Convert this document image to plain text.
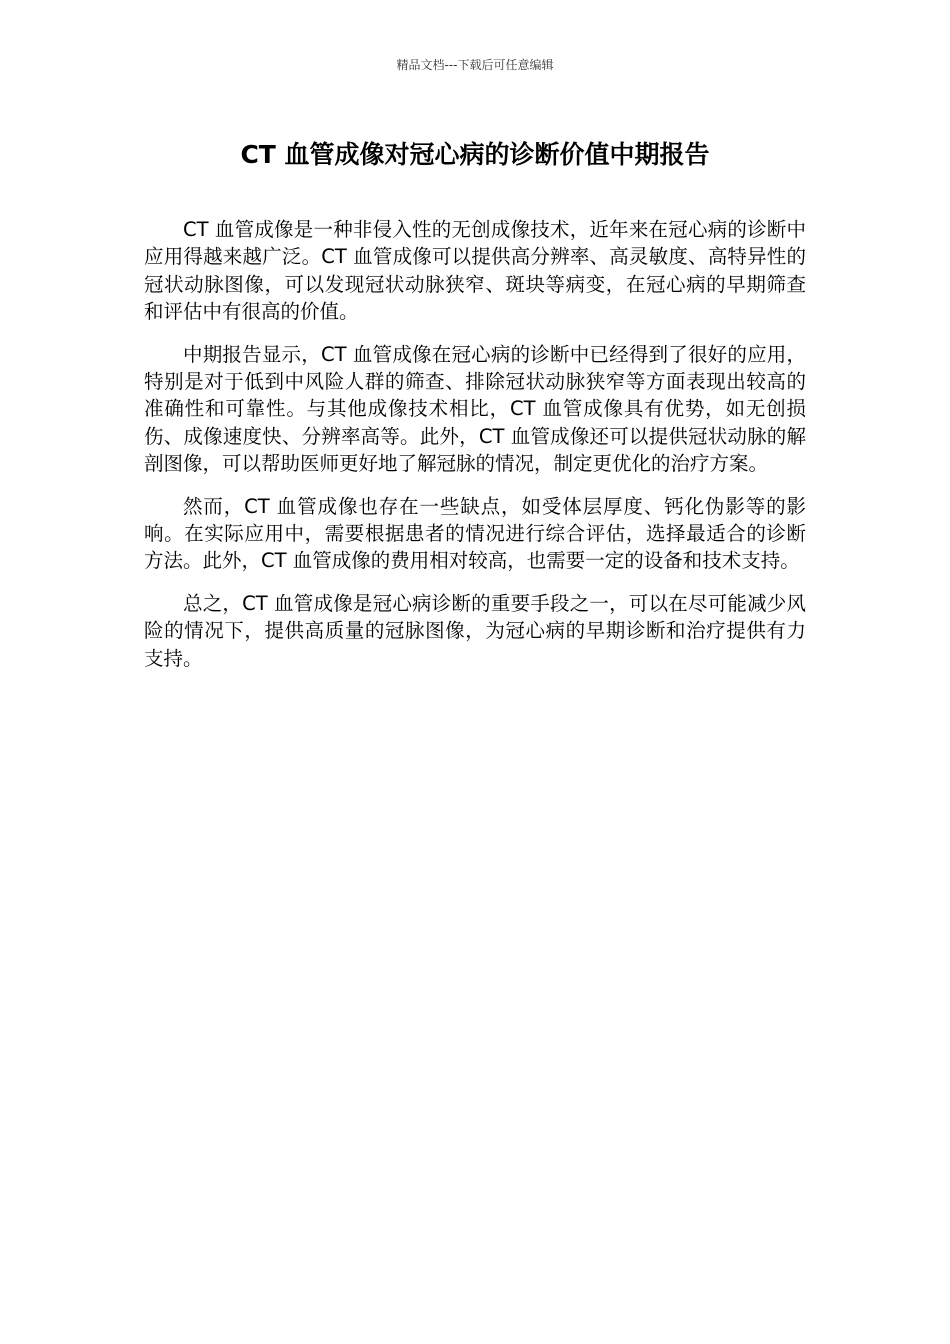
精品文档---下载后可任意编辑
CT 血管成像对冠心病的诊断价值中期报告

CT 血管成像是一种非侵入性的无创成像技术，近年来在冠心病的诊断中应用得越来越广泛。CT 血管成像可以提供高分辨率、高灵敏度、高特异性的冠状动脉图像，可以发现冠状动脉狭窄、斑块等病变，在冠心病的早期筛查和评估中有很高的价值。

中期报告显示，CT 血管成像在冠心病的诊断中已经得到了很好的应用，特别是对于低到中风险人群的筛查、排除冠状动脉狭窄等方面表现出较高的准确性和可靠性。与其他成像技术相比，CT 血管成像具有优势，如无创损伤、成像速度快、分辨率高等。此外，CT 血管成像还可以提供冠状动脉的解剖图像，可以帮助医师更好地了解冠脉的情况，制定更优化的治疗方案。

然而，CT 血管成像也存在一些缺点，如受体层厚度、钙化伪影等的影响。在实际应用中，需要根据患者的情况进行综合评估，选择最适合的诊断方法。此外，CT 血管成像的费用相对较高，也需要一定的设备和技术支持。

总之，CT 血管成像是冠心病诊断的重要手段之一，可以在尽可能减少风险的情况下，提供高质量的冠脉图像，为冠心病的早期诊断和治疗提供有力支持。
